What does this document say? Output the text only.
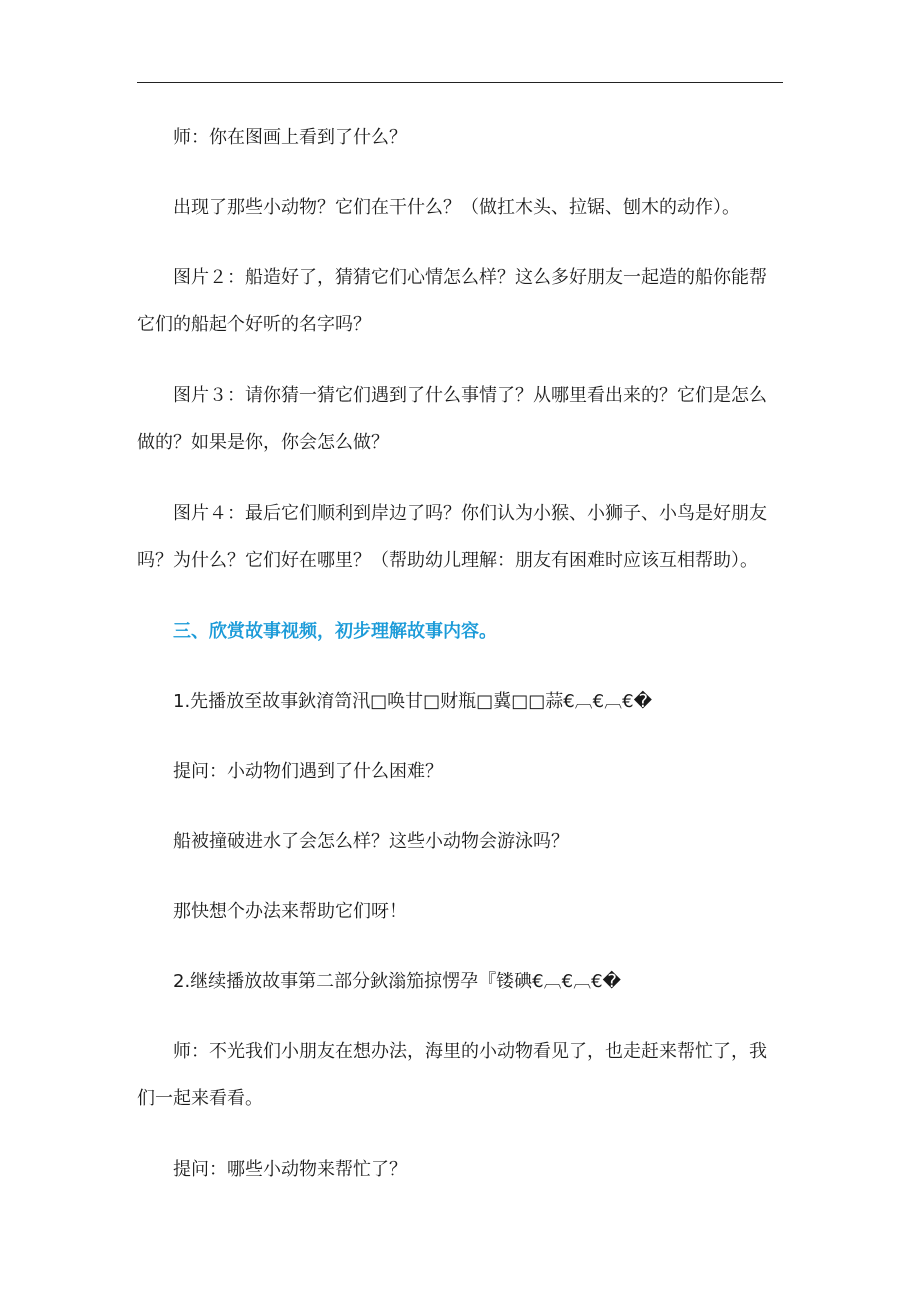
师：你在图画上看到了什么？

出现了那些小动物？它们在干什么？（做扛木头、拉锯、刨木的动作）。

图片２：船造好了，猜猜它们心情怎么样？这么多好朋友一起造的船你能帮
它们的船起个好听的名字吗？

图片３：请你猜一猜它们遇到了什么事情了？从哪里看出来的？它们是怎么
做的？如果是你，你会怎么做？

图片４：最后它们顺利到岸边了吗？你们认为小猴、小狮子、小鸟是好朋友
吗？为什么？它们好在哪里？（帮助幼儿理解：朋友有困难时应该互相帮助）。

三、欣赏故事视频，初步理解故事内容。

1.先播放至故事鈥淯笥汛□唤甘□财瓶□冀□□蒜€︹€︹€�

提问：小动物们遇到了什么困难？

船被撞破进水了会怎么样？这些小动物会游泳吗？

那快想个办法来帮助它们呀！

2.继续播放故事第二部分鈥滃笳掠愣孕『镂碘€︹€︹€�

师：不光我们小朋友在想办法，海里的小动物看见了，也走赶来帮忙了，我
们一起来看看。

提问：哪些小动物来帮忙了？
